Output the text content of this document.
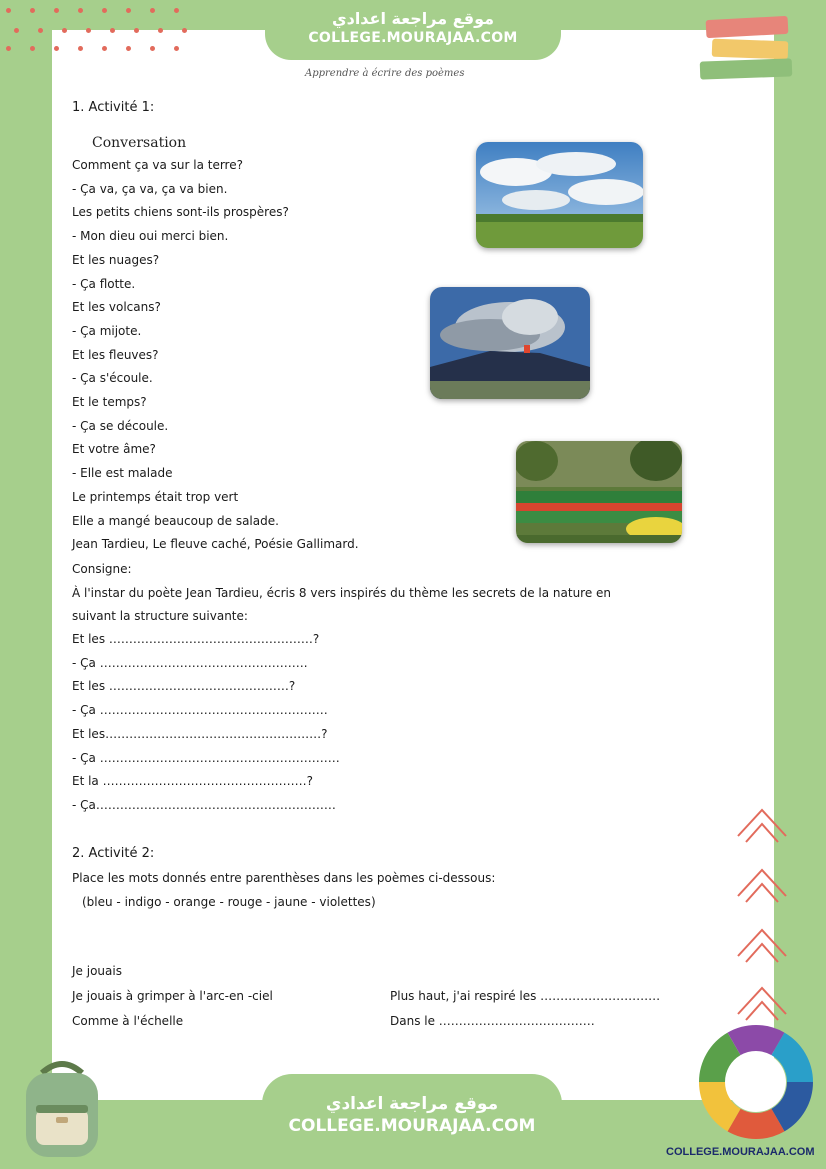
موقع مراجعة اعدادي
COLLEGE.MOURAJAA.COM
Apprendre à écrire des poèmes
1. Activité 1:
Conversation
Comment ça va sur la terre?
- Ça va, ça va, ça va bien.
Les petits chiens sont-ils prospères?
- Mon dieu oui merci bien.
Et les nuages?
- Ça flotte.
Et les volcans?
- Ça mijote.
Et les fleuves?
- Ça s'écoule.
Et le temps?
- Ça se découle.
Et votre âme?
- Elle est malade
Le printemps était trop vert
Elle a mangé beaucoup de salade.
Jean Tardieu, Le fleuve caché, Poésie Gallimard.
Consigne:
À l'instar du poète Jean Tardieu, écris 8 vers inspirés du thème les secrets de la nature en
suivant la structure suivante:
Et les ……………………………………………?
- Ça …………………………………………….
Et les ………………………………………?
- Ça …………………………………………………
Et les………………………………………………?
- Ça ……………………………………………………
Et la ……………………………………………?
- Ça……………………………………………………
2. Activité 2:
Place les mots donnés entre parenthèses dans les poèmes ci-dessous:
(bleu - indigo - orange - rouge - jaune - violettes)
Je jouais
Je jouais à grimper à l'arc-en -ciel
Comme à l'échelle
Plus haut, j'ai respiré les …………………………
Dans le …………………………………
موقع مراجعة اعدادي
COLLEGE.MOURAJAA.COM
COLLEGE.MOURAJAA.COM
